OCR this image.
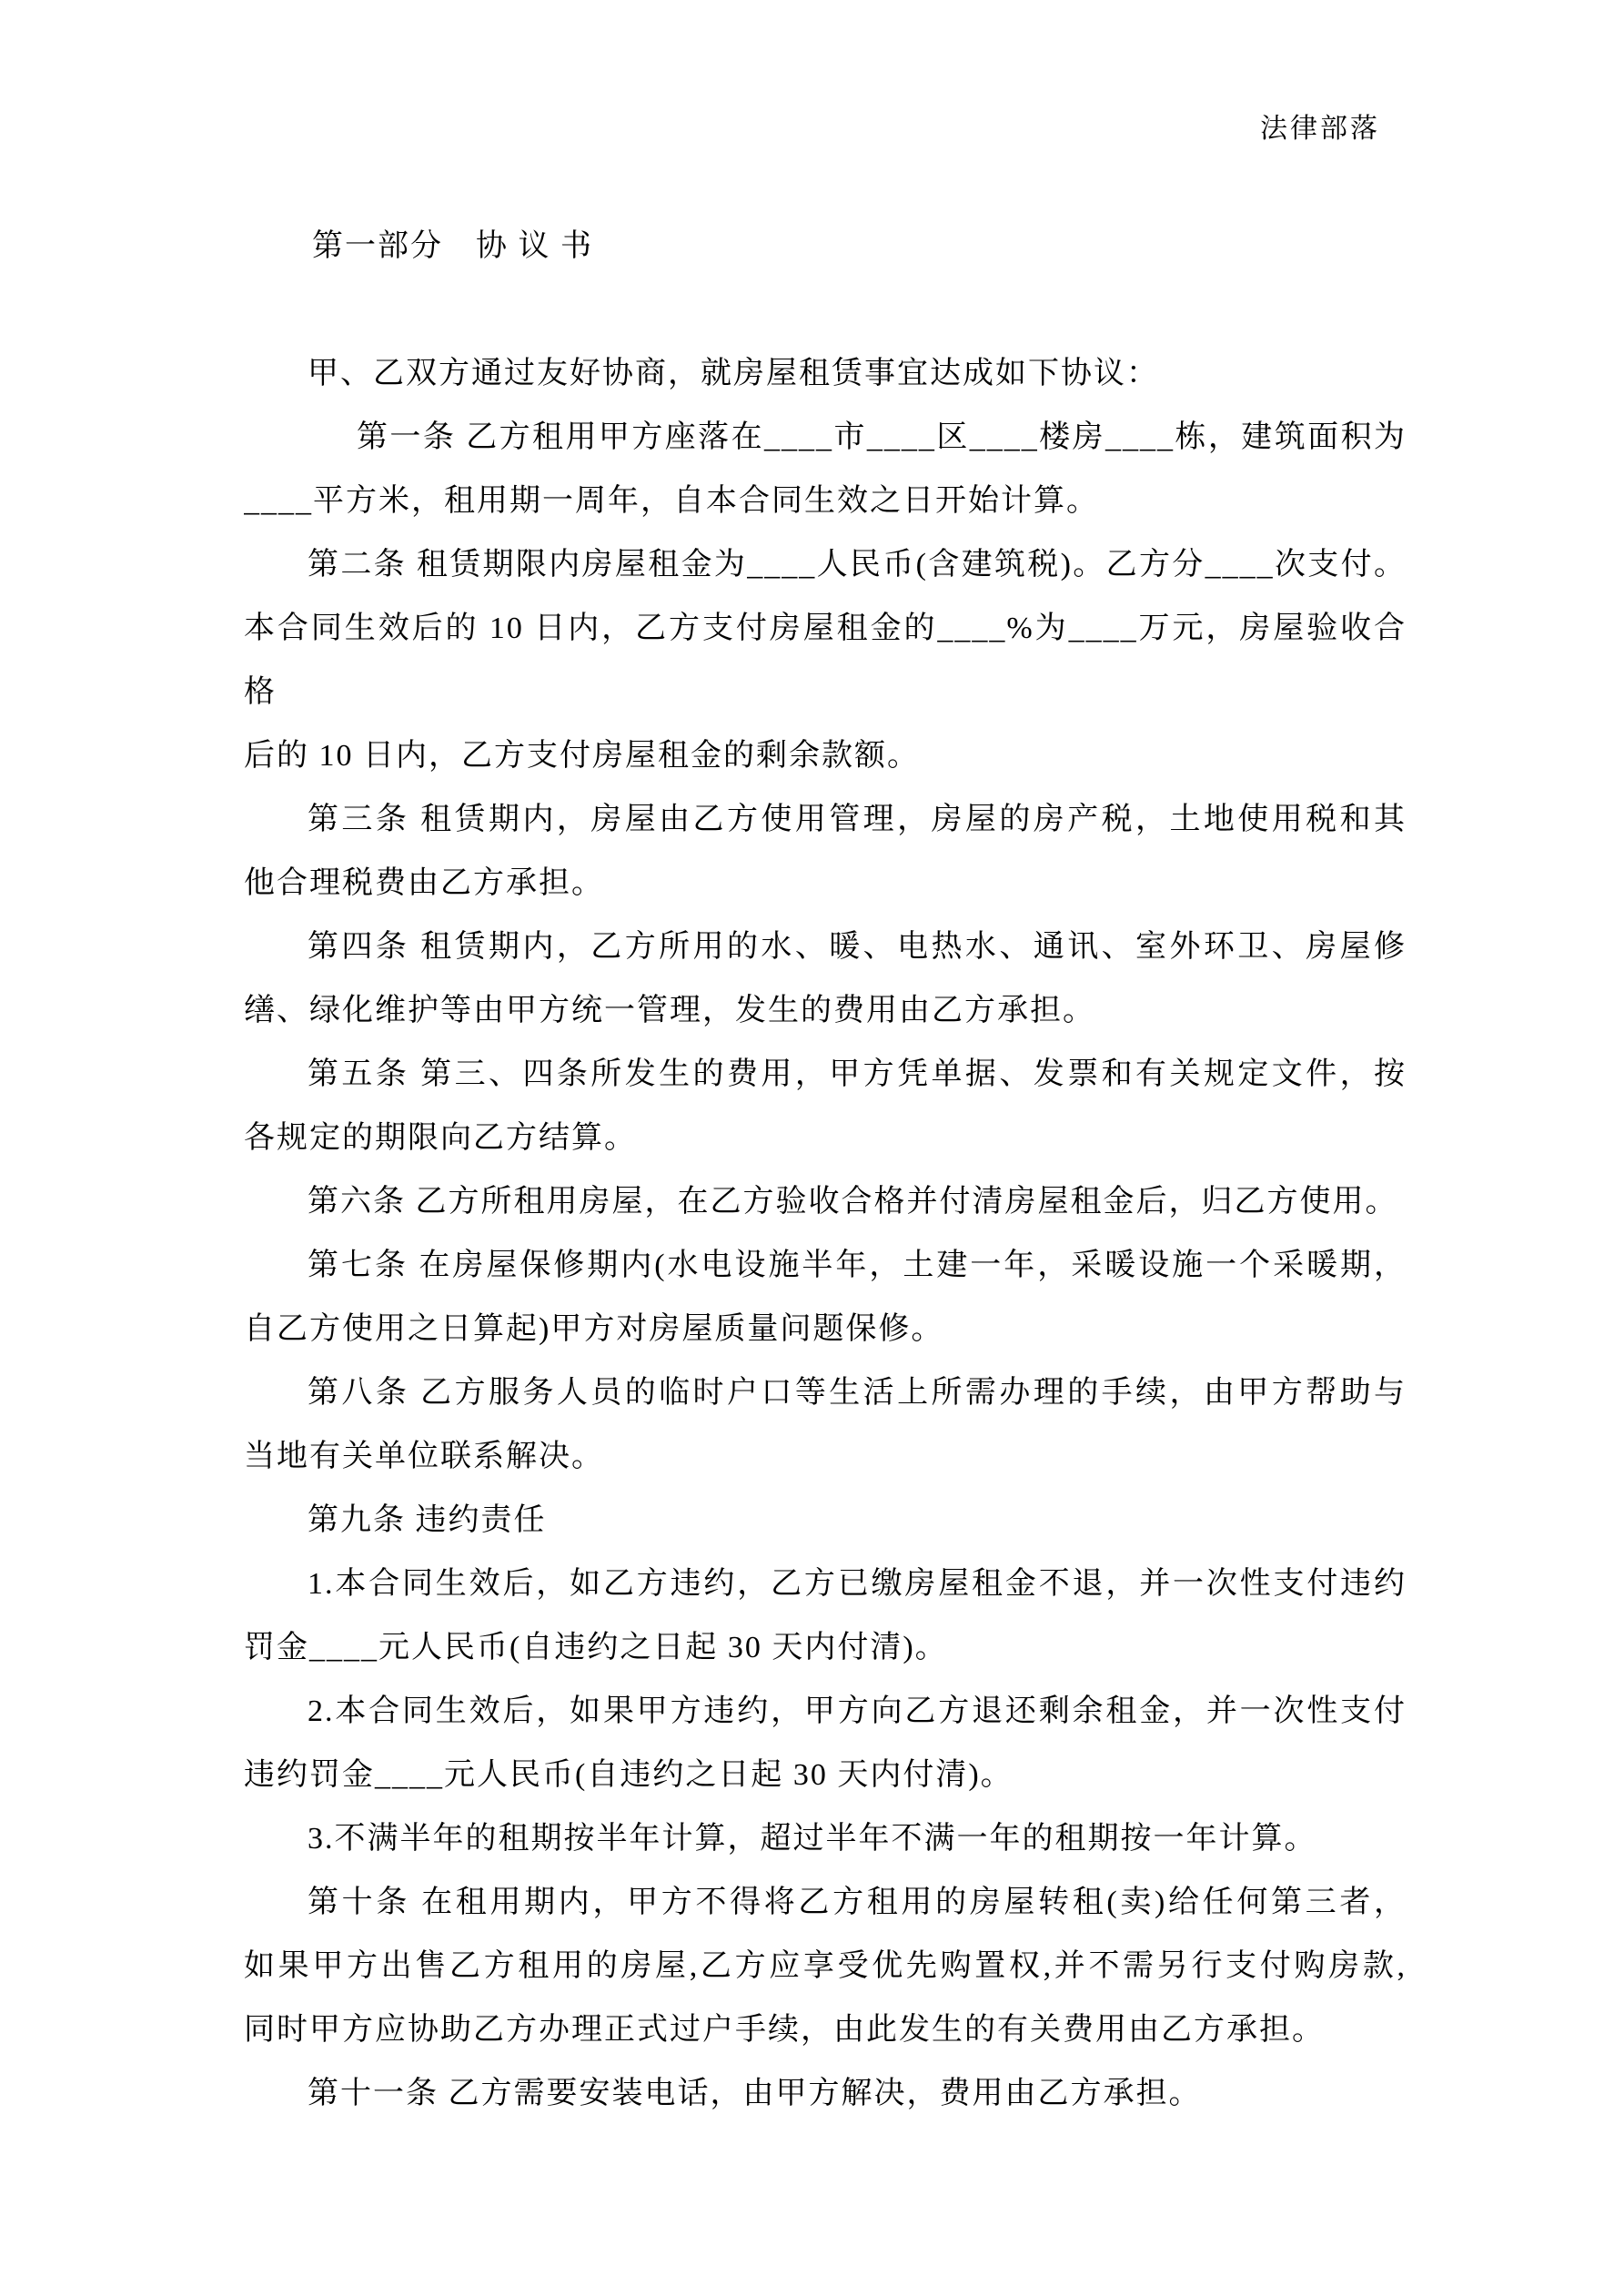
法律部落
第一部分　协 议 书
甲、乙双方通过友好协商，就房屋租赁事宜达成如下协议：
第一条 乙方租用甲方座落在____市____区____楼房____栋，建筑面积为
____平方米，租用期一周年，自本合同生效之日开始计算。
第二条 租赁期限内房屋租金为____人民币(含建筑税)。乙方分____次支付。
本合同生效后的 10 日内，乙方支付房屋租金的____%为____万元，房屋验收合格
后的 10 日内，乙方支付房屋租金的剩余款额。
第三条 租赁期内，房屋由乙方使用管理，房屋的房产税，土地使用税和其
他合理税费由乙方承担。
第四条 租赁期内，乙方所用的水、暖、电热水、通讯、室外环卫、房屋修
缮、绿化维护等由甲方统一管理，发生的费用由乙方承担。
第五条 第三、四条所发生的费用，甲方凭单据、发票和有关规定文件，按
各规定的期限向乙方结算。
第六条 乙方所租用房屋，在乙方验收合格并付清房屋租金后，归乙方使用。
第七条 在房屋保修期内(水电设施半年，土建一年，采暖设施一个采暖期，
自乙方使用之日算起)甲方对房屋质量问题保修。
第八条 乙方服务人员的临时户口等生活上所需办理的手续，由甲方帮助与
当地有关单位联系解决。
第九条 违约责任
1.本合同生效后，如乙方违约，乙方已缴房屋租金不退，并一次性支付违约
罚金____元人民币(自违约之日起 30 天内付清)。
2.本合同生效后，如果甲方违约，甲方向乙方退还剩余租金，并一次性支付
违约罚金____元人民币(自违约之日起 30 天内付清)。
3.不满半年的租期按半年计算，超过半年不满一年的租期按一年计算。
第十条 在租用期内，甲方不得将乙方租用的房屋转租(卖)给任何第三者，
如果甲方出售乙方租用的房屋,乙方应享受优先购置权,并不需另行支付购房款,
同时甲方应协助乙方办理正式过户手续，由此发生的有关费用由乙方承担。
第十一条 乙方需要安装电话，由甲方解决，费用由乙方承担。
